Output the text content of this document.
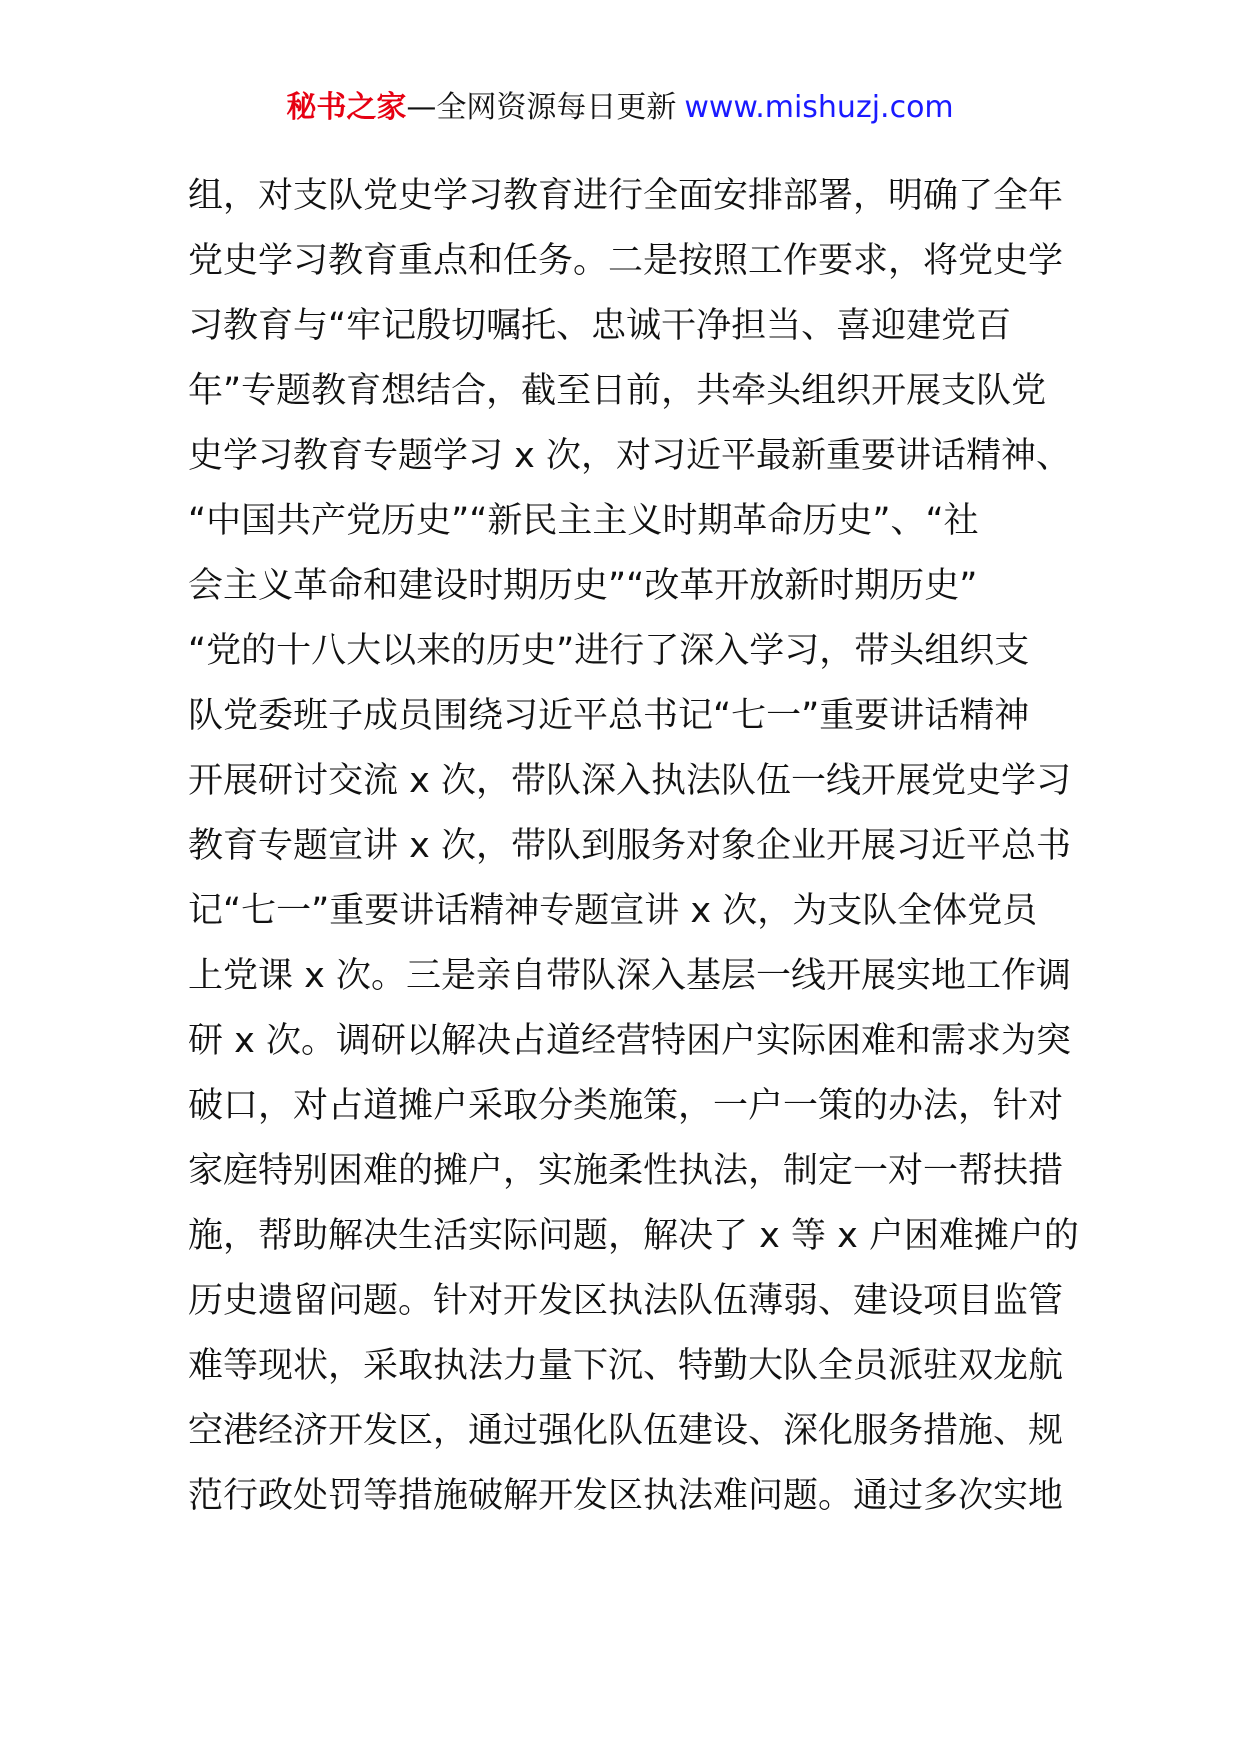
秘书之家—全网资源每日更新 www.mishuzj.com
组，对支队党史学习教育进行全面安排部署，明确了全年
党史学习教育重点和任务。二是按照工作要求，将党史学
习教育与“牢记殷切嘱托、忠诚干净担当、喜迎建党百
年”专题教育想结合，截至日前，共牵头组织开展支队党
史学习教育专题学习 x 次，对习近平最新重要讲话精神、
“中国共产党历史”“新民主主义时期革命历史”、“社
会主义革命和建设时期历史”“改革开放新时期历史”
“党的十八大以来的历史”进行了深入学习，带头组织支
队党委班子成员围绕习近平总书记“七一”重要讲话精神
开展研讨交流 x 次，带队深入执法队伍一线开展党史学习
教育专题宣讲 x 次，带队到服务对象企业开展习近平总书
记“七一”重要讲话精神专题宣讲 x 次，为支队全体党员
上党课 x 次。三是亲自带队深入基层一线开展实地工作调
研 x 次。调研以解决占道经营特困户实际困难和需求为突
破口，对占道摊户采取分类施策，一户一策的办法，针对
家庭特别困难的摊户，实施柔性执法，制定一对一帮扶措
施，帮助解决生活实际问题，解决了 x 等 x 户困难摊户的
历史遗留问题。针对开发区执法队伍薄弱、建设项目监管
难等现状，采取执法力量下沉、特勤大队全员派驻双龙航
空港经济开发区，通过强化队伍建设、深化服务措施、规
范行政处罚等措施破解开发区执法难问题。通过多次实地
